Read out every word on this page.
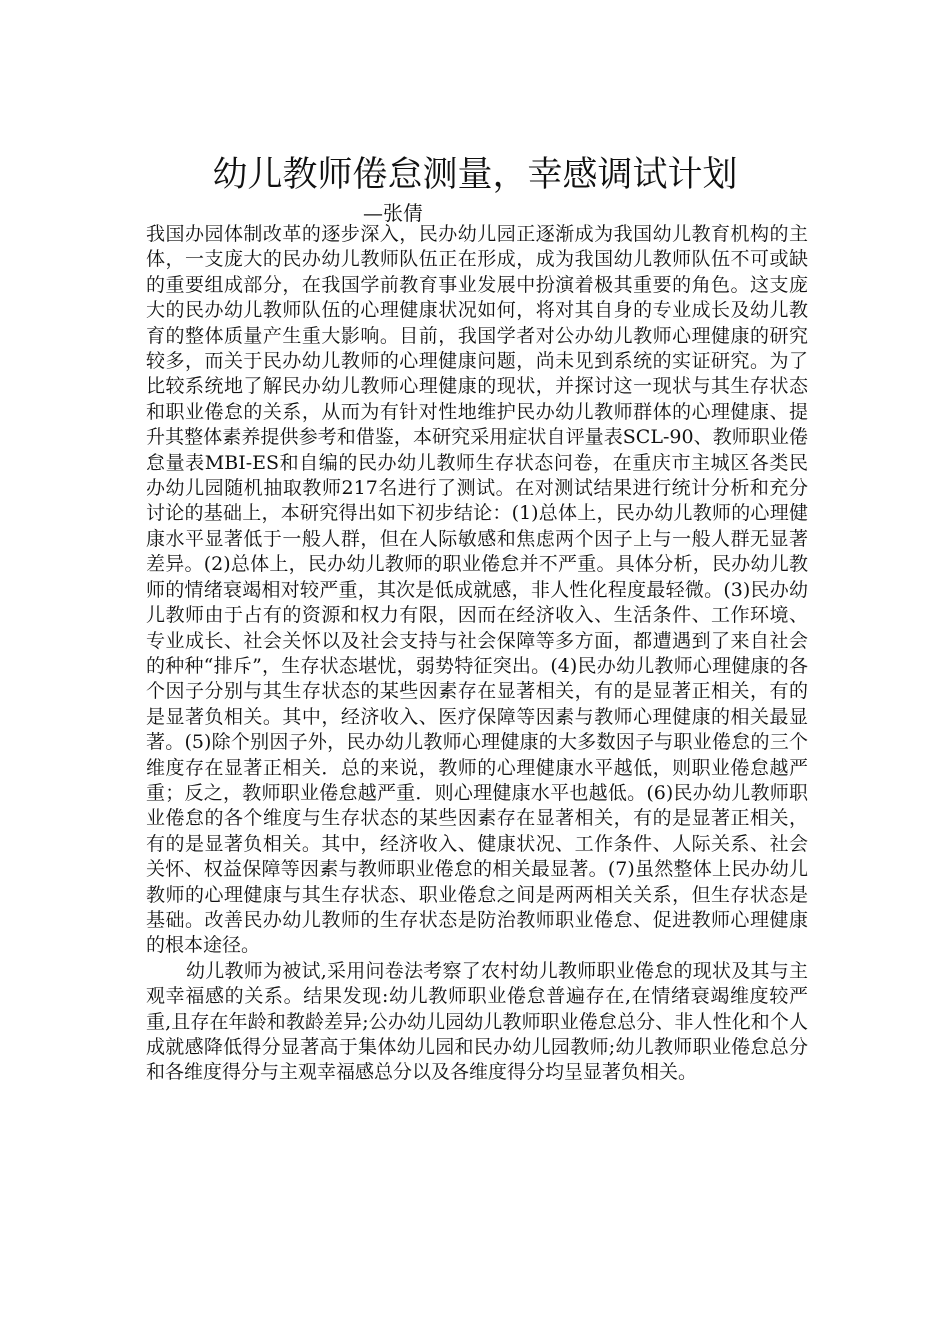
幼儿教师倦怠测量，幸感调试计划
—张倩

我国办园体制改革的逐步深入，民办幼儿园正逐渐成为我国幼儿教育机构的主体，一支庞大的民办幼儿教师队伍正在形成，成为我国幼儿教师队伍不可或缺的重要组成部分，在我国学前教育事业发展中扮演着极其重要的角色。这支庞大的民办幼儿教师队伍的心理健康状况如何，将对其自身的专业成长及幼儿教育的整体质量产生重大影响。目前，我国学者对公办幼儿教师心理健康的研究较多，而关于民办幼儿教师的心理健康问题，尚未见到系统的实证研究。为了比较系统地了解民办幼儿教师心理健康的现状，并探讨这一现状与其生存状态和职业倦怠的关系，从而为有针对性地维护民办幼儿教师群体的心理健康、提升其整体素养提供参考和借鉴，本研究采用症状自评量表SCL-90、教师职业倦怠量表MBI-ES和自编的民办幼儿教师生存状态问卷，在重庆市主城区各类民办幼儿园随机抽取教师217名进行了测试。在对测试结果进行统计分析和充分讨论的基础上，本研究得出如下初步结论：(1)总体上，民办幼儿教师的心理健康水平显著低于一般人群，但在人际敏感和焦虑两个因子上与一般人群无显著差异。(2)总体上，民办幼儿教师的职业倦怠并不严重。具体分析，民办幼儿教师的情绪衰竭相对较严重，其次是低成就感，非人性化程度最轻微。(3)民办幼儿教师由于占有的资源和权力有限，因而在经济收入、生活条件、工作环境、专业成长、社会关怀以及社会支持与社会保障等多方面，都遭遇到了来自社会的种种“排斥”，生存状态堪忧，弱势特征突出。(4)民办幼儿教师心理健康的各个因子分别与其生存状态的某些因素存在显著相关，有的是显著正相关，有的是显著负相关。其中，经济收入、医疗保障等因素与教师心理健康的相关最显著。(5)除个别因子外，民办幼儿教师心理健康的大多数因子与职业倦怠的三个维度存在显著正相关．总的来说，教师的心理健康水平越低，则职业倦怠越严重；反之，教师职业倦怠越严重．则心理健康水平也越低。(6)民办幼儿教师职业倦怠的各个维度与生存状态的某些因素存在显著相关，有的是显著正相关，有的是显著负相关。其中，经济收入、健康状况、工作条件、人际关系、社会关怀、权益保障等因素与教师职业倦怠的相关最显著。(7)虽然整体上民办幼儿教师的心理健康与其生存状态、职业倦怠之间是两两相关关系，但生存状态是基础。改善民办幼儿教师的生存状态是防治教师职业倦怠、促进教师心理健康的根本途径。

幼儿教师为被试,采用问卷法考察了农村幼儿教师职业倦怠的现状及其与主观幸福感的关系。结果发现:幼儿教师职业倦怠普遍存在,在情绪衰竭维度较严重,且存在年龄和教龄差异;公办幼儿园幼儿教师职业倦怠总分、非人性化和个人成就感降低得分显著高于集体幼儿园和民办幼儿园教师;幼儿教师职业倦怠总分和各维度得分与主观幸福感总分以及各维度得分均呈显著负相关。
